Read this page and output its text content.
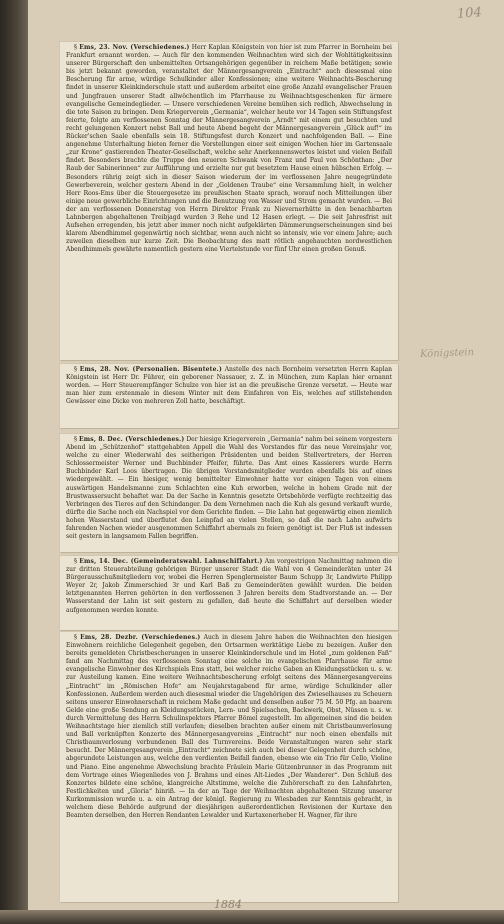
104
Königstein

§ Ems, 23. Nov. (Verschiedenes.) Herr Kaplan Königstein von hier ist zum Pfarrer in Bornheim bei Frankfurt ernannt worden. — Auch für den kommenden Weihnachten wird sich der Wohltätigkeitssinn unserer Bürgerschaft den unbemittelten Ortsangehörigen gegenüber in reichem Maße betätigen; sowie bis jetzt bekannt geworden, veranstaltet der Männergesangverein „Eintracht“ auch diesesmal eine Bescherung für arme, würdige Schulkinder aller Konfessionen; eine weitere Weihnachts-Bescherung findet in unserer Kleinkinderschule statt und außerdem arbeitet eine große Anzahl evangelischer Frauen und Jungfrauen unserer Stadt allwöchentlich im Pfarrhause zu Weihnachtsgeschenken für ärmere evangelische Gemeindeglieder. — Unsere verschiedenen Vereine bemühen sich redlich, Abwechselung in die tote Saison zu bringen. Dem Kriegerverein „Germania“, welcher heute vor 14 Tagen sein Stiftungsfest feierte, folgte am verflossenen Sonntag der Männergesangverein „Arndt“ mit einem gut besuchten und recht gelungenen Konzert nebst Ball und heute Abend begeht der Männergesangverein „Glück auf!“ im Rücker'schen Saale ebenfalls sein 18. Stiftungsfest durch Konzert und nachfolgenden Ball. — Eine angenehme Unterhaltung bieten ferner die Vorstellungen einer seit einigen Wochen hier im Gartensaale „zur Krone“ gastierenden Theater-Gesellschaft, welche sehr Anerkennenswertes leistet und vielen Beifall findet. Besonders brachte die Truppe den neueren Schwank von Franz und Paul von Schönthan: „Der Raub der Sabinerinnen“ zur Aufführung und erzielte nur gut besetztem Hause einen hübschen Erfolg. — Besonders rührig zeigt sich in dieser Saison wiederum der im verflossenen Jahre neugegründete Gewerbeverein, welcher gestern Abend in der „Goldenen Traube“ eine Versammlung hielt, in welcher Herr Roos-Ems über die Steuergesetze im preußischen Staate sprach, worauf noch Mitteilungen über einige neue gewerbliche Einrichtungen und die Benutzung von Wasser und Strom gemacht wurden. — Bei der am verflossenen Donnerstag von Herrn Direktor Frank zu Nievernerhütte in den benachbarten Lahnbergen abgehaltenen Treibjagd wurden 3 Rehe und 12 Hasen erlegt. — Die seit Jahresfrist mit Aufsehen erregenden, bis jetzt aber immer noch nicht aufgeklärten Dämmerungserscheinungen sind bei klarem Abendhimmel gegenwärtig noch sichtbar, wenn auch nicht so intensiv, wie vor einem Jahre; auch zuweilen dieselben nur kurze Zeit. Die Beobachtung des matt rötlich angehauchten nordwestlichen Abendhimmels gewährte namentlich gestern eine Viertelstunde vor fünf Uhr einen großen Genuß.

§ Ems, 28. Nov. (Personalien. Bisentete.) Anstelle des nach Bornheim versetzten Herrn Kaplan Königstein ist Herr Dr. Führer, ein geborener Nassauer, z. Z. in München, zum Kaplan hier ernannt worden. — Herr Steuerempfänger Schulze von hier ist an die preußische Grenze versetzt. — Heute war man hier zum erstenmale in diesem Winter mit dem Einfahren von Eis, welches auf stillstehenden Gewässer eine Dicke von mehreren Zoll hatte, beschäftigt.

§ Ems, 8. Dec. (Verschiedenes.) Der hiesige Kriegerverein „Germania“ nahm bei seinem vorgestern Abend im „Schützenhof“ stattgehabten Appell die Wahl des Vorstandes für das neue Vereinsjahr vor, welche zu einer Wiederwahl des seitherigen Präsidenten und beiden Stellvertreters, der Herren Schlossermeister Werner und Buchbinder Pfeifer, führte. Das Amt eines Kassierers wurde Herrn Buchbinder Karl Loos übertragen. Die übrigen Vorstandsmitglieder wurden ebenfalls bis auf eines wiedergewählt. — Ein hiesiger, wenig bemittelter Einwohner hatte vor einigen Tagen von einem auswärtigen Handelsmanne zum Schlachten eine Kuh erworben, welche in hohem Grade mit der Brustwassersucht behaftet war. Da der Sache in Kenntnis gesetzte Ortsbehörde verfügte rechtzeitig das Verbringen des Tieres auf den Schindanger. Da dem Vernehmen nach die Kuh als gesund verkauft wurde, dürfte die Sache noch ein Nachspiel vor dem Gerichte finden. — Die Lahn hat gegenwärtig einen ziemlich hohen Wasserstand und überflutet den Leinpfad an vielen Stellen, so daß die nach Lahn aufwärts fahrenden Nachen wieder ausgenommen Schiffahrt abermals zu feiern genötigt ist. Der Fluß ist indessen seit gestern in langsamem Fallen begriffen.

§ Ems, 14. Dec. (Gemeinderatswahl. Lahnschiffahrt.) Am vorgestrigen Nachmittag nahmen die zur dritten Steuerabteilung gehörigen Bürger unserer Stadt die Wahl von 4 Gemeinderäten unter 24 Bürgerausschußmitgliedern vor, wobei die Herren Spenglermeister Baum Schupp 3r, Landwirte Philipp Weyer 2r, Jakob Zimmerschied 3r und Karl Baß zu Gemeinderäten gewählt wurden. Die beiden letztgenannten Herren gehörten in den verflossenen 3 Jahren bereits dem Stadtvorstande an. — Der Wasserstand der Lahn ist seit gestern zu gefallen, daß heute die Schiffahrt auf derselben wieder aufgenommen werden konnte.

§ Ems, 28. Dezbr. (Verschiedenes.) Auch in diesem Jahre haben die Weihnachten den hiesigen Einwohnern reichliche Gelegenheit gegeben, den Ortsarmen werktätige Liebe zu bezeigen. Außer den bereits gemeldeten Christbescherungen in unserer Kleinkinderschule und im Hotel „zum goldenen Faß“ fand am Nachmittag des verflossenen Sonntag eine solche im evangelischen Pfarrhause für arme evangelische Einwohner des Kirchspiels Ems statt, bei welcher reiche Gaben an Kleidungsstücken u. s. w. zur Austeilung kamen. Eine weitere Weihnachtsbescherung erfolgt seitens des Männergesangvereins „Eintracht“ im „Römischen Hofe“ am Neujahrstagabend für arme, würdige Schulkinder aller Konfessionen. Außerdem werden auch diesesmal wieder die Ungehörigen des Zwieselhauses zu Scheuern seitens unserer Einwohnerschaft in reichem Maße gedacht und denselben außer 75 M. 50 Pfg. an baarem Gelde eine große Sendung an Kleidungsstücken, Lern- und Spielsachen, Backwerk, Obst, Nüssen u. s. w. durch Vermittelung des Herrn Schulinspektors Pfarrer Bömel zugestellt. Im allgemeinen sind die beiden Weihnachtstage hier ziemlich still verlaufen; dieselben brachten außer einem mit Christbaumverlosung und Ball verknüpften Konzerte des Männergesangvereins „Eintracht“ nur noch einen ebenfalls mit Christbaumverlosung verbundenen Ball des Turnvereins. Beide Veranstaltungen waren sehr stark besucht. Der Männergesangverein „Eintracht“ zeichnete sich auch bei dieser Gelegenheit durch schöne, abgerundete Leistungen aus, welche den verdienten Beifall fanden, ebenso wie ein Trio für Cello, Violine und Piano. Eine angenehme Abwechslung brachte Fräulein Marie Gützenbrunner in das Programm mit dem Vortrage eines Wiegenliedes von J. Brahms und eines Alt-Liedes „Der Wanderer“. Den Schluß des Konzertes bildete eine schöne, klangreiche Altstimme, welche die Zuhörerschaft zu den Lahnfahrten, Festlichkeiten und „Gloria“ hinriß. — In der an Tage der Weihnachten abgehaltenen Sitzung unserer Kurkommission wurde u. a. ein Antrag der königl. Regierung zu Wiesbaden zur Kenntnis gebracht, in welchem diese Behörde aufgrund der diesjährigen außerordentlichen Revisionen der Kurtaxe den Beamten derselben, den Herren Rendanten Lewalder und Kurtaxenerheber H. Wagner, für ihre

1884
